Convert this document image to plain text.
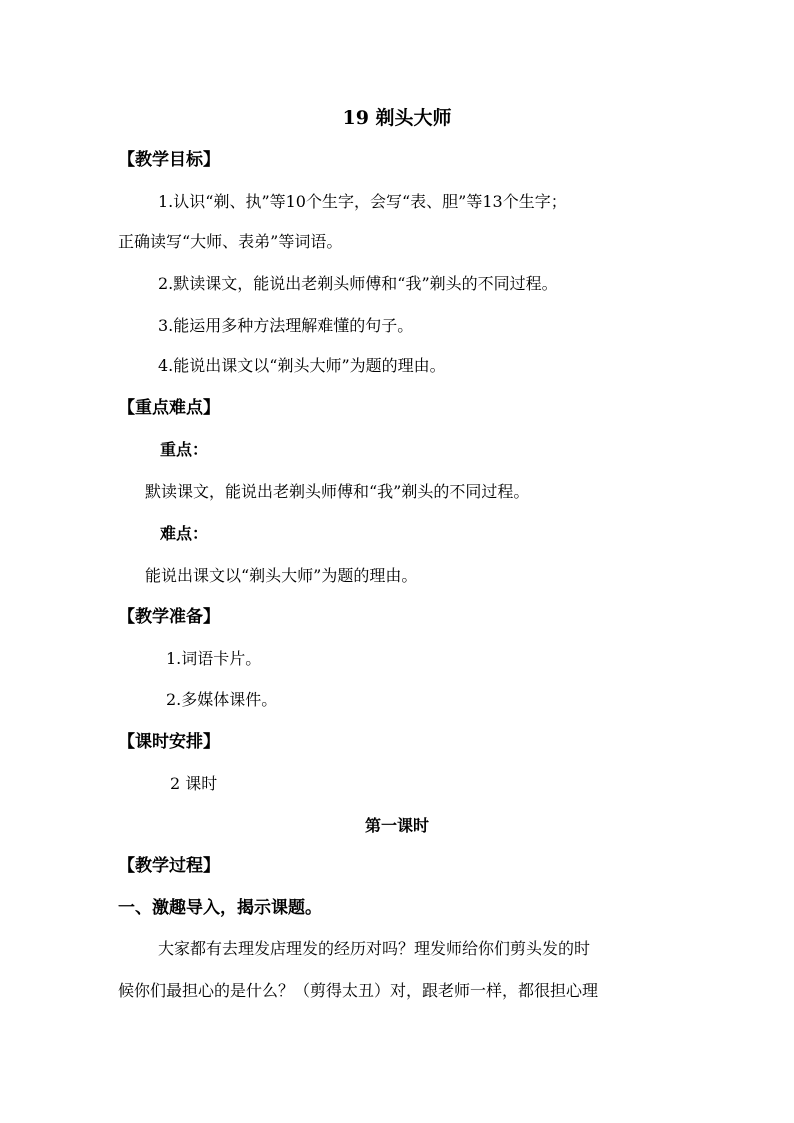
19 剃头大师
【教学目标】
1.认识“剃、执”等10个生字，会写“表、胆”等13个生字；
正确读写“大师、表弟”等词语。
2.默读课文，能说出老剃头师傅和“我”剃头的不同过程。
3.能运用多种方法理解难懂的句子。
4.能说出课文以“剃头大师”为题的理由。
【重点难点】
重点：
默读课文，能说出老剃头师傅和“我”剃头的不同过程。
难点：
能说出课文以“剃头大师”为题的理由。
【教学准备】
1.词语卡片。
2.多媒体课件。
【课时安排】
2 课时
第一课时
【教学过程】
一、激趣导入，揭示课题。
大家都有去理发店理发的经历对吗？理发师给你们剪头发的时
候你们最担心的是什么？（剪得太丑）对，跟老师一样，都很担心理
